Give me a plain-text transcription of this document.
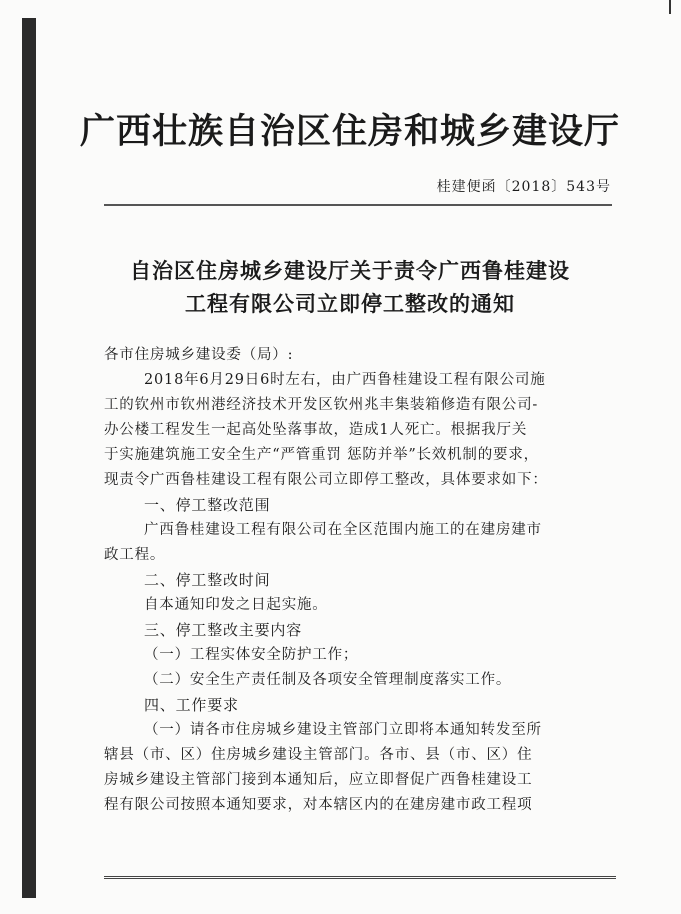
广西壮族自治区住房和城乡建设厅
桂建便函〔2018〕543号
自治区住房城乡建设厅关于责令广西鲁桂建设
工程有限公司立即停工整改的通知
各市住房城乡建设委（局）:
2018年6月29日6时左右，由广西鲁桂建设工程有限公司施
工的钦州市钦州港经济技术开发区钦州兆丰集装箱修造有限公司-
办公楼工程发生一起高处坠落事故，造成1人死亡。根据我厅关
于实施建筑施工安全生产“严管重罚 惩防并举”长效机制的要求，
现责令广西鲁桂建设工程有限公司立即停工整改，具体要求如下：
一、停工整改范围
广西鲁桂建设工程有限公司在全区范围内施工的在建房建市
政工程。
二、停工整改时间
自本通知印发之日起实施。
三、停工整改主要内容
（一）工程实体安全防护工作；
（二）安全生产责任制及各项安全管理制度落实工作。
四、工作要求
（一）请各市住房城乡建设主管部门立即将本通知转发至所
辖县（市、区）住房城乡建设主管部门。各市、县（市、区）住
房城乡建设主管部门接到本通知后，应立即督促广西鲁桂建设工
程有限公司按照本通知要求，对本辖区内的在建房建市政工程项
